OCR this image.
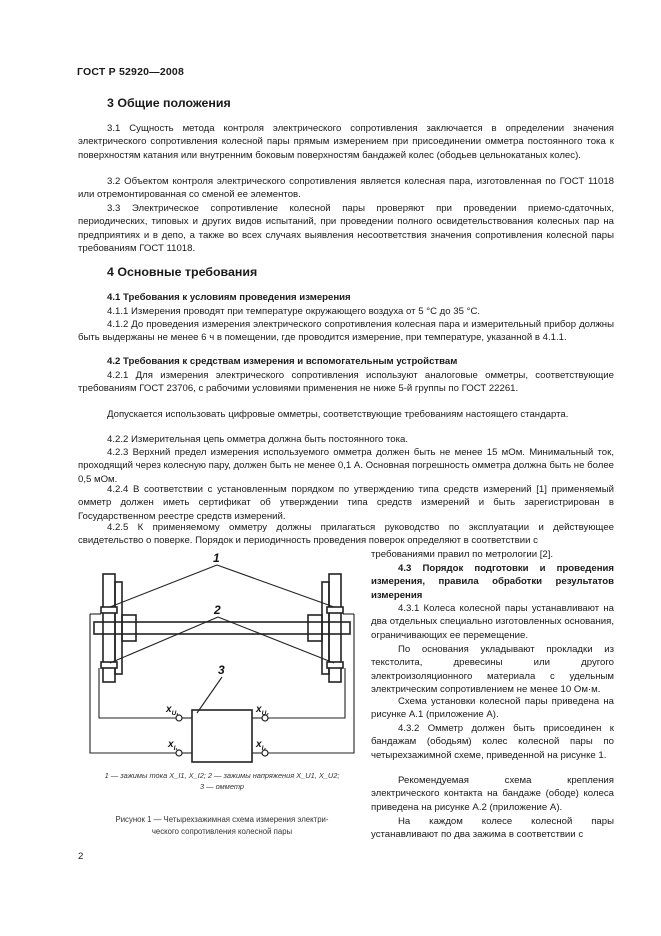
ГОСТ Р 52920—2008
3 Общие положения

3.1 Сущность метода контроля электрического сопротивления заключается в определении значения электрического сопротивления колесной пары прямым измерением при присоединении омметра постоянного тока к поверхностям катания или внутренним боковым поверхностям бандажей колес (ободьев цельнокатаных колес).

3.2 Объектом контроля электрического сопротивления является колесная пара, изготовленная по ГОСТ 11018 или отремонтированная со сменой ее элементов.

3.3 Электрическое сопротивление колесной пары проверяют при проведении приемо-сдаточных, периодических, типовых и других видов испытаний, при проведении полного освидетельствования колесных пар на предприятиях и в депо, а также во всех случаях выявления несоответствия значения сопротивления колесной пары требованиям ГОСТ 11018.

4 Основные требования
4.1 Требования к условиям проведения измерения

4.1.1 Измерения проводят при температуре окружающего воздуха от 5 °С до 35 °С.

4.1.2 До проведения измерения электрического сопротивления колесная пара и измерительный прибор должны быть выдержаны не менее 6 ч в помещении, где проводится измерение, при температуре, указанной в 4.1.1.

4.2 Требования к средствам измерения и вспомогательным устройствам

4.2.1 Для измерения электрического сопротивления используют аналоговые омметры, соответствующие требованиям ГОСТ 23706, с рабочими условиями применения не ниже 5-й группы по ГОСТ 22261.

Допускается использовать цифровые омметры, соответствующие требованиям настоящего стандарта.

4.2.2 Измерительная цепь омметра должна быть постоянного тока.

4.2.3 Верхний предел измерения используемого омметра должен быть не менее 15 мОм. Минимальный ток, проходящий через колесную пару, должен быть не менее 0,1 А. Основная погрешность омметра должна быть не более 0,5 мОм.

4.2.4 В соответствии с установленным порядком по утверждению типа средств измерений [1] применяемый омметр должен иметь сертификат об утверждении типа средств измерений и быть зарегистрирован в Государственном реестре средств измерений.

4.2.5 К применяемому омметру должны прилагаться руководство по эксплуатации и действующее свидетельство о поверке. Порядок и периодичность проведения поверок определяют в соответствии с

требованиями правил по метрологии [2].

4.3 Порядок подготовки и проведения измерения, правила обработки результатов измерения

4.3.1 Колеса колесной пары устанавливают на два отдельных специально изготовленных основания, ограничивающих ее перемещение.

По основания укладывают прокладки из текстолита, древесины или другого электроизоляционного материала с удельным электрическим сопротивлением не менее 10 Ом·м.

Схема установки колесной пары приведена на рисунке А.1 (приложение А).

4.3.2 Омметр должен быть присоединен к бандажам (ободьям) колес колесной пары по четырехзажимной схеме, приведенной на рисунке 1.

Рекомендуемая схема крепления электрического контакта на бандаже (ободе) колеса приведена на рисунке А.2 (приложение А).

На каждом колесе колесной пары устанавливают по два зажима в соответствии с

1
2
3
$x_{U_1}$	$x_{U_2}$
$x_{I_1}$	$x_{I_2}$
1 — зажимы тока X_I1, X_I2; 2 — зажимы напряжения X_U1, X_U2;
3 — омметр
Рисунок 1 — Четырехзажимная схема измерения электри-
ческого сопротивления колесной пары
2
